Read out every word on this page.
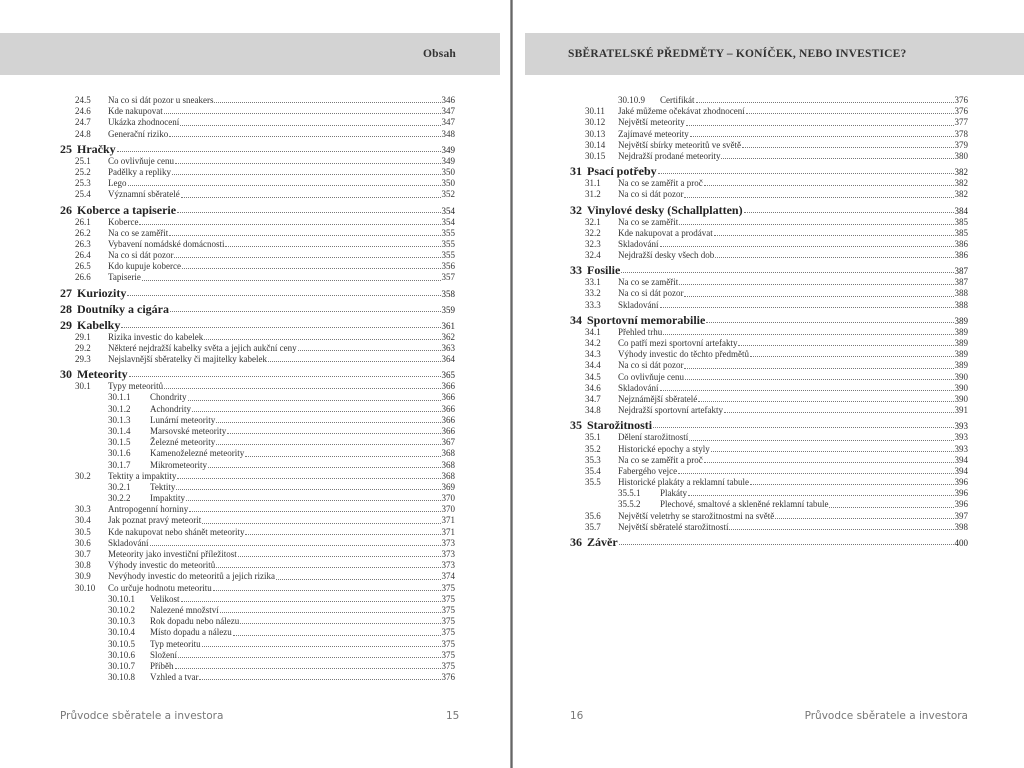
Obsah
24.5	Na co si dát pozor u sneakers	346
24.6	Kde nakupovat	347
24.7	Ukázka zhodnocení	347
24.8	Generační riziko	348
25 Hračky	349
25.1	Co ovlivňuje cenu	349
25.2	Padělky a repliky	350
25.3	Lego	350
25.4	Významní sběratelé	352
26 Koberce a tapiserie	354
26.1	Koberce	354
26.2	Na co se zaměřit	355
26.3	Vybavení nomádské domácnosti	355
26.4	Na co si dát pozor	355
26.5	Kdo kupuje koberce	356
26.6	Tapiserie	357
27 Kuriozity	358
28 Doutníky a cigára	359
29 Kabelky	361
29.1	Rizika investic do kabelek	362
29.2	Některé nejdražší kabelky světa a jejich aukční ceny	363
29.3	Nejslavnější sběratelky či majitelky kabelek	364
30 Meteority	365
30.1	Typy meteoritů	366
30.1.1	Chondrity	366
30.1.2	Achondrity	366
30.1.3	Lunární meteority	366
30.1.4	Marsovské meteority	366
30.1.5	Železné meteority	367
30.1.6	Kamenoželezné meteority	368
30.1.7	Mikrometeority	368
30.2	Tektity a impaktity	368
30.2.1	Tektity	369
30.2.2	Impaktity	370
30.3	Antropogenní horniny	370
30.4	Jak poznat pravý meteorit	371
30.5	Kde nakupovat nebo shánět meteority	371
30.6	Skladování	373
30.7	Meteority jako investiční příležitost	373
30.8	Výhody investic do meteoritů	373
30.9	Nevýhody investic do meteoritů a jejich rizika	374
30.10	Co určuje hodnotu meteoritu	375
30.10.1	Velikost	375
30.10.2	Nalezené množství	375
30.10.3	Rok dopadu nebo nálezu	375
30.10.4	Místo dopadu a nálezu	375
30.10.5	Typ meteoritu	375
30.10.6	Složení	375
30.10.7	Příběh	375
30.10.8	Vzhled a tvar	376
Průvodce sběratele a investora	15
SBĚRATELSKÉ PŘEDMĚTY – KONÍČEK, NEBO INVESTICE?
30.10.9	Certifikát	376
30.11	Jaké můžeme očekávat zhodnocení	376
30.12	Největší meteority	377
30.13	Zajímavé meteority	378
30.14	Největší sbírky meteoritů ve světě	379
30.15	Nejdražší prodané meteority	380
31 Psací potřeby	382
31.1	Na co se zaměřit a proč	382
31.2	Na co si dát pozor	382
32 Vinylové desky (Schallplatten)	384
32.1	Na co se zaměřit	385
32.2	Kde nakupovat a prodávat	385
32.3	Skladování	386
32.4	Nejdražší desky všech dob	386
33 Fosilie	387
33.1	Na co se zaměřit	387
33.2	Na co si dát pozor	388
33.3	Skladování	388
34 Sportovní memorabilie	389
34.1	Přehled trhu	389
34.2	Co patří mezi sportovní artefakty	389
34.3	Výhody investic do těchto předmětů	389
34.4	Na co si dát pozor	389
34.5	Co ovlivňuje cenu	390
34.6	Skladování	390
34.7	Nejznámější sběratelé	390
34.8	Nejdražší sportovní artefakty	391
35 Starožitnosti	393
35.1	Dělení starožitností	393
35.2	Historické epochy a styly	393
35.3	Na co se zaměřit a proč	394
35.4	Fabergého vejce	394
35.5	Historické plakáty a reklamní tabule	396
35.5.1	Plakáty	396
35.5.2	Plechové, smaltové a skleněné reklamní tabule	396
35.6	Největší veletrhy se starožitnostmi na světě	397
35.7	Největší sběratelé starožitností	398
36 Závěr	400
16	Průvodce sběratele a investora
